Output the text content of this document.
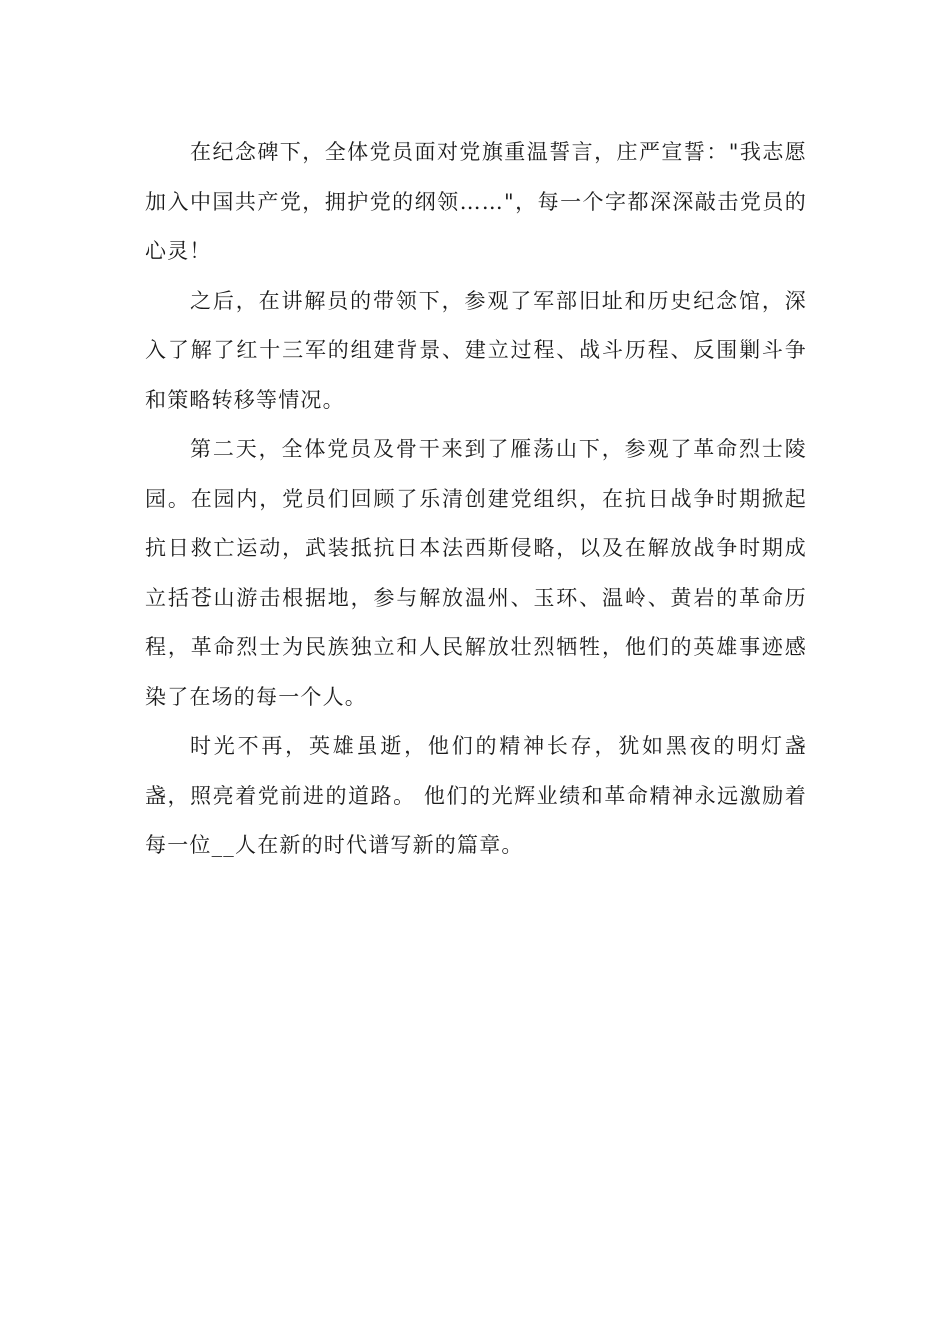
在纪念碑下，全体党员面对党旗重温誓言，庄严宣誓："我志愿加入中国共产党，拥护党的纲领……"，每一个字都深深敲击党员的心灵！

之后，在讲解员的带领下，参观了军部旧址和历史纪念馆，深入了解了红十三军的组建背景、建立过程、战斗历程、反围剿斗争和策略转移等情况。

第二天，全体党员及骨干来到了雁荡山下，参观了革命烈士陵园。在园内，党员们回顾了乐清创建党组织，在抗日战争时期掀起抗日救亡运动，武装抵抗日本法西斯侵略，以及在解放战争时期成立括苍山游击根据地，参与解放温州、玉环、温岭、黄岩的革命历程，革命烈士为民族独立和人民解放壮烈牺牲，他们的英雄事迹感染了在场的每一个人。

时光不再，英雄虽逝，他们的精神长存，犹如黑夜的明灯盏盏，照亮着党前进的道路。 他们的光辉业绩和革命精神永远激励着每一位__人在新的时代谱写新的篇章。
